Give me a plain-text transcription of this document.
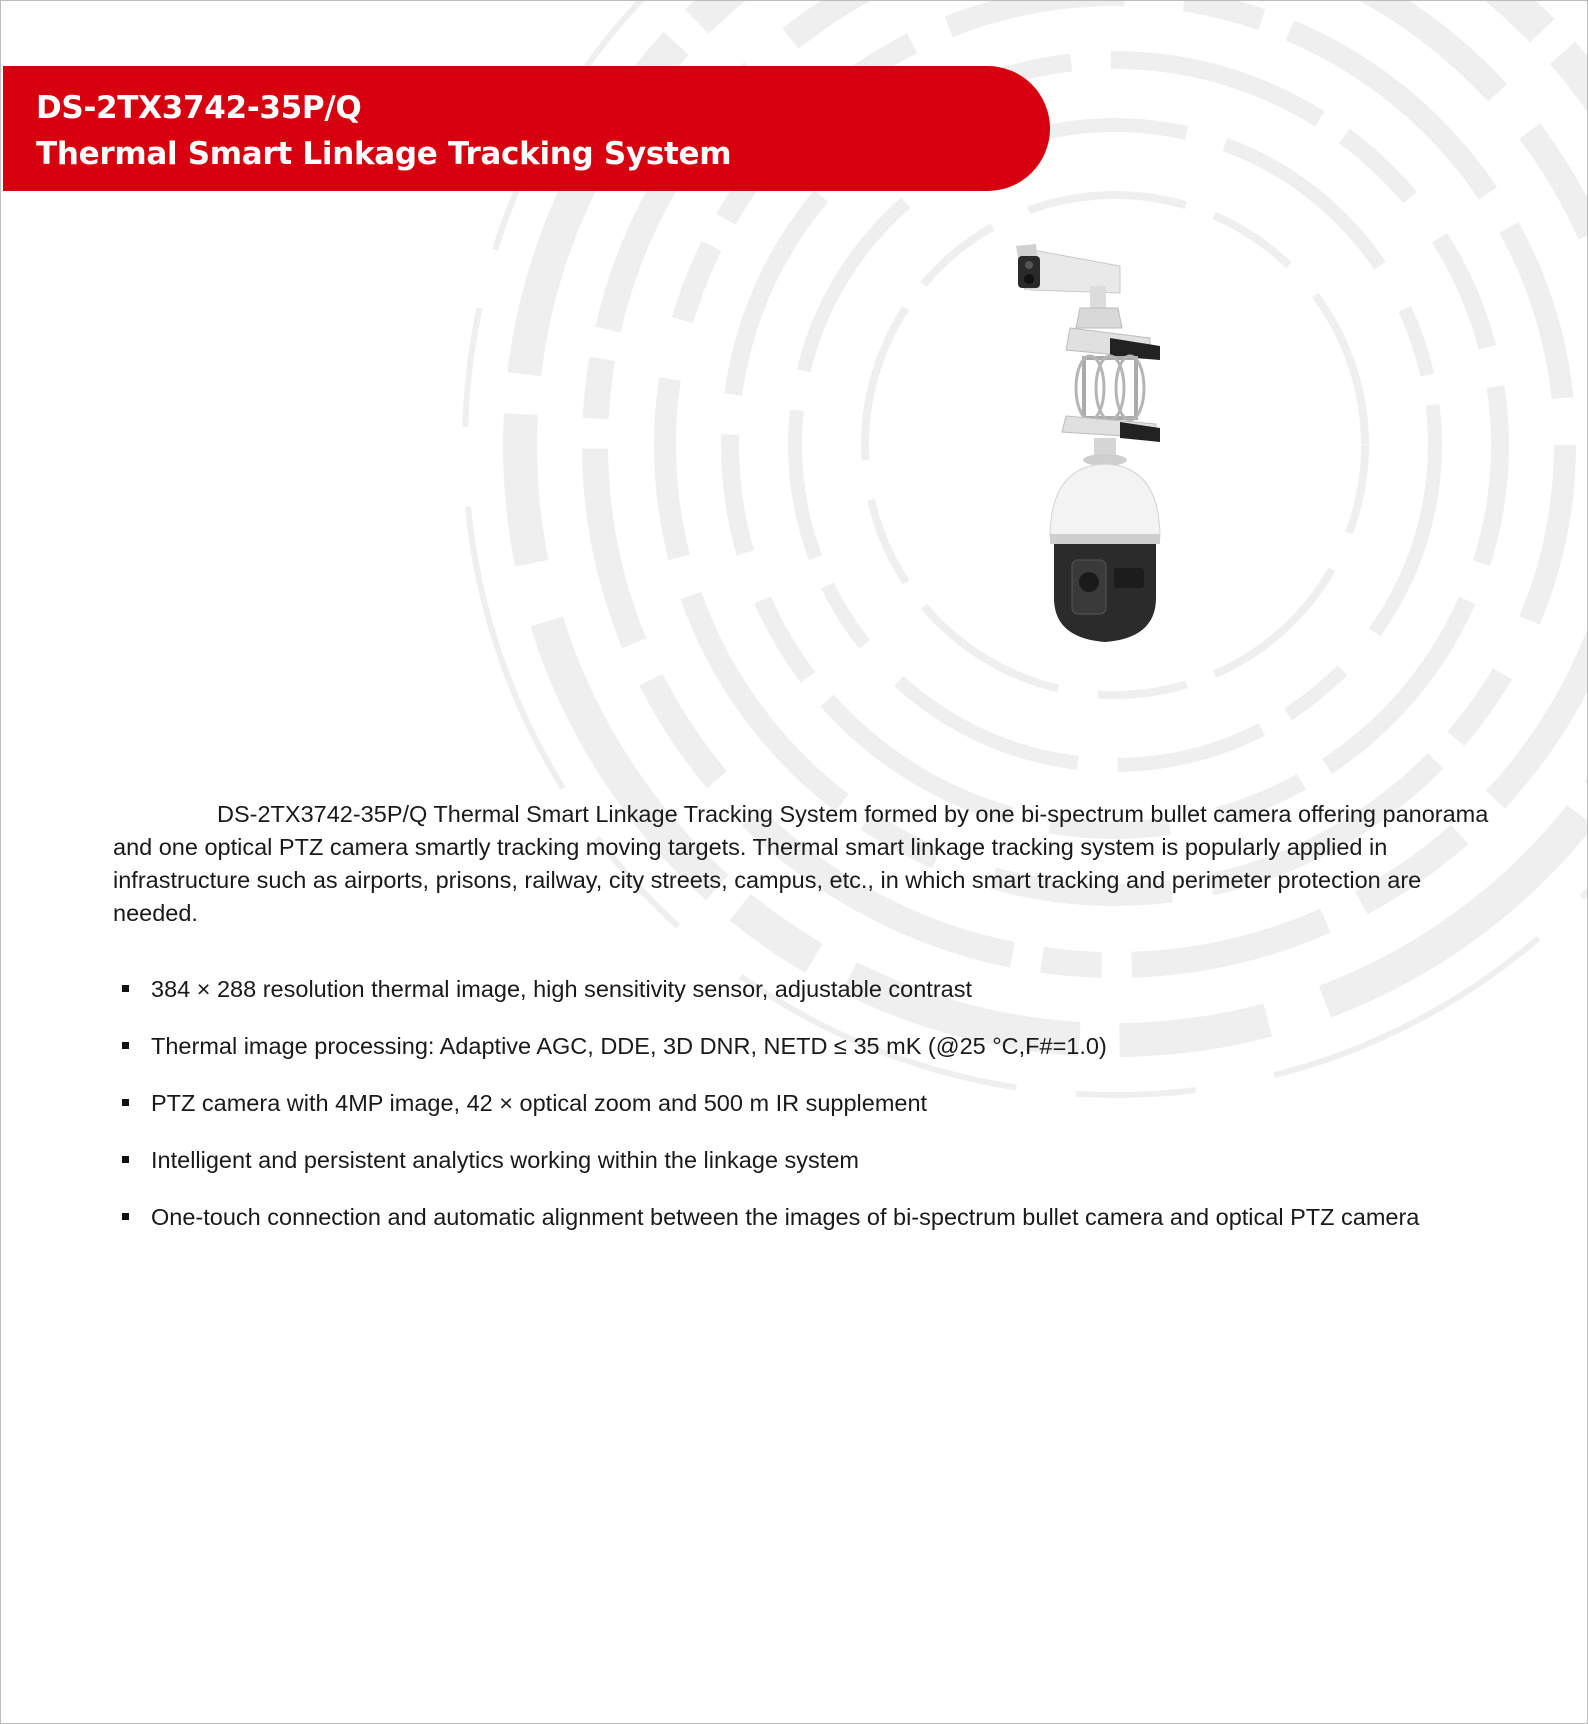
DS-2TX3742-35P/Q
Thermal Smart Linkage Tracking System

DS-2TX3742-35P/Q Thermal Smart Linkage Tracking System formed by one bi-spectrum bullet camera offering panorama and one optical PTZ camera smartly tracking moving targets. Thermal smart linkage tracking system is popularly applied in infrastructure such as airports, prisons, railway, city streets, campus, etc., in which smart tracking and perimeter protection are needed.

384 × 288 resolution thermal image, high sensitivity sensor, adjustable contrast
Thermal image processing: Adaptive AGC, DDE, 3D DNR, NETD ≤ 35 mK (@25 °C,F#=1.0)
PTZ camera with 4MP image, 42 × optical zoom and 500 m IR supplement
Intelligent and persistent analytics working within the linkage system
One-touch connection and automatic alignment between the images of bi-spectrum bullet camera and optical PTZ camera
